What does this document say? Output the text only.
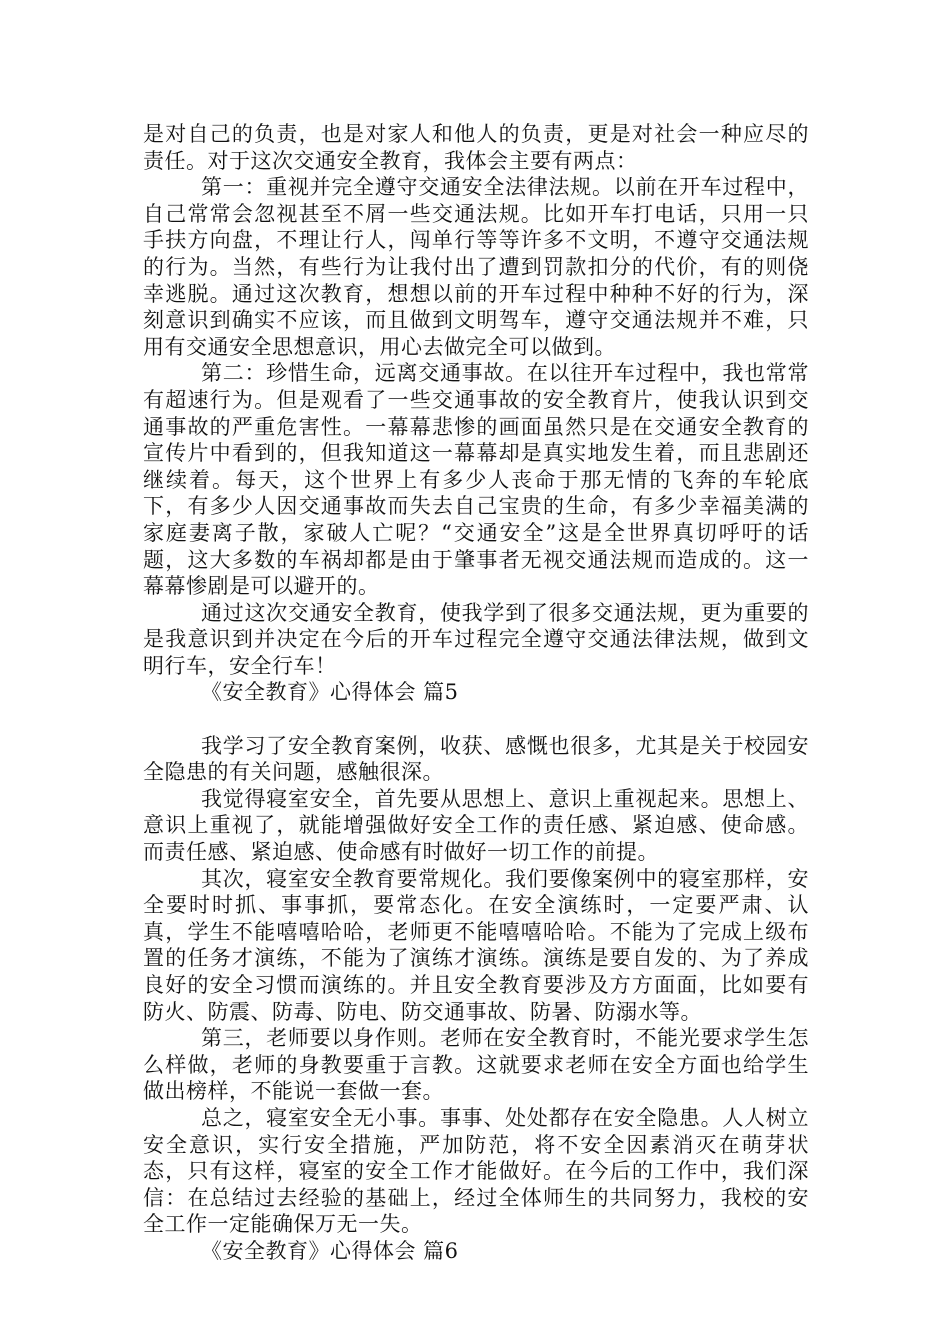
是对自己的负责，也是对家人和他人的负责，更是对社会一种应尽的责任。对于这次交通安全教育，我体会主要有两点：

第一：重视并完全遵守交通安全法律法规。以前在开车过程中，自己常常会忽视甚至不屑一些交通法规。比如开车打电话，只用一只手扶方向盘，不理让行人，闯单行等等许多不文明，不遵守交通法规的行为。当然，有些行为让我付出了遭到罚款扣分的代价，有的则侥幸逃脱。通过这次教育，想想以前的开车过程中种种不好的行为，深刻意识到确实不应该，而且做到文明驾车，遵守交通法规并不难，只用有交通安全思想意识，用心去做完全可以做到。

第二：珍惜生命，远离交通事故。在以往开车过程中，我也常常有超速行为。但是观看了一些交通事故的安全教育片，使我认识到交通事故的严重危害性。一幕幕悲惨的画面虽然只是在交通安全教育的宣传片中看到的，但我知道这一幕幕却是真实地发生着，而且悲剧还继续着。每天，这个世界上有多少人丧命于那无情的飞奔的车轮底下，有多少人因交通事故而失去自己宝贵的生命，有多少幸福美满的家庭妻离子散，家破人亡呢？“交通安全”这是全世界真切呼吁的话题，这大多数的车祸却都是由于肇事者无视交通法规而造成的。这一幕幕惨剧是可以避开的。

通过这次交通安全教育，使我学到了很多交通法规，更为重要的是我意识到并决定在今后的开车过程完全遵守交通法律法规，做到文明行车，安全行车！

《安全教育》心得体会 篇5

我学习了安全教育案例，收获、感慨也很多，尤其是关于校园安全隐患的有关问题，感触很深。

我觉得寝室安全，首先要从思想上、意识上重视起来。思想上、意识上重视了，就能增强做好安全工作的责任感、紧迫感、使命感。而责任感、紧迫感、使命感有时做好一切工作的前提。

其次，寝室安全教育要常规化。我们要像案例中的寝室那样，安全要时时抓、事事抓，要常态化。在安全演练时，一定要严肃、认真，学生不能嘻嘻哈哈，老师更不能嘻嘻哈哈。不能为了完成上级布置的任务才演练，不能为了演练才演练。演练是要自发的、为了养成良好的安全习惯而演练的。并且安全教育要涉及方方面面，比如要有防火、防震、防毒、防电、防交通事故、防暑、防溺水等。

第三，老师要以身作则。老师在安全教育时，不能光要求学生怎么样做，老师的身教要重于言教。这就要求老师在安全方面也给学生做出榜样，不能说一套做一套。

总之，寝室安全无小事。事事、处处都存在安全隐患。人人树立安全意识，实行安全措施，严加防范，将不安全因素消灭在萌芽状态，只有这样，寝室的安全工作才能做好。在今后的工作中，我们深信：在总结过去经验的基础上，经过全体师生的共同努力，我校的安全工作一定能确保万无一失。

《安全教育》心得体会 篇6
